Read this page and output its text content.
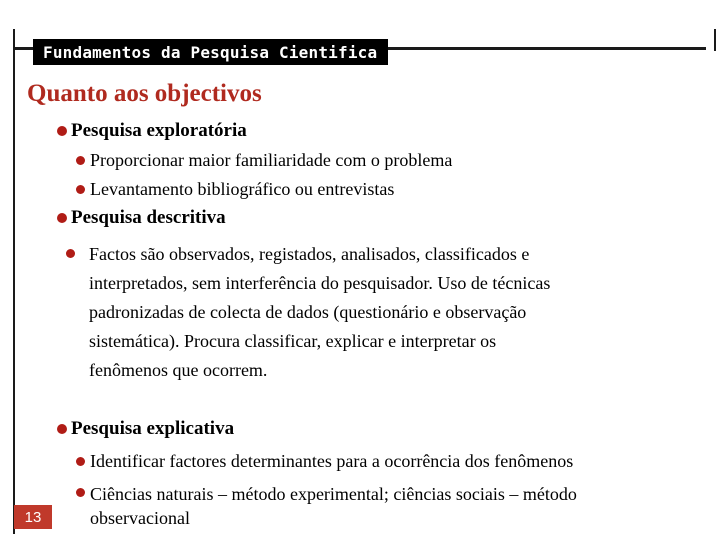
Fundamentos da Pesquisa Cientifica
Quanto aos objectivos
Pesquisa exploratória
Proporcionar maior familiaridade com o problema
Levantamento bibliográfico ou entrevistas
Pesquisa descritiva
Factos são observados, registados, analisados, classificados e
interpretados, sem interferência do pesquisador. Uso de técnicas
padronizadas de colecta de dados (questionário e observação
sistemática). Procura classificar, explicar e interpretar os
fenômenos que ocorrem.
Pesquisa explicativa
Identificar factores determinantes para a ocorrência dos fenômenos
Ciências naturais – método experimental; ciências sociais – método
observacional
13
